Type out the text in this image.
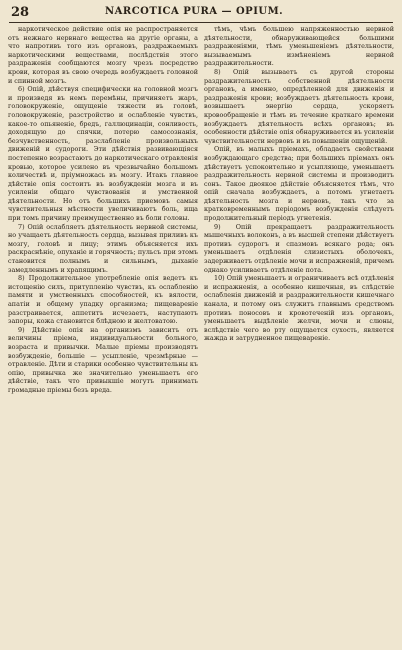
28	NARCOTICA PURA — OPIUM.

наркотическое действие опія не распространяется отъ нежнаго нервнаго вещества на другіе органы, а что напротивъ того изъ органовъ, раздражаемыхъ наркотическими веществами, послѣдствія этого раздраженія сообщаются мозгу чрезъ посредство крови, которая въ свою очередь возбуждаетъ головной и спинной мозгъ.

6) Опій, дѣйствуя специфически на головной мозгъ и произведя въ немъ перемѣны, причиняетъ жаръ, головокруженіе, ощущеніе тяжести въ головѣ, головокруженіе, разстройство и ослабленіе чувствъ, какое-то опьяненіе, бредъ, галлюцинаціи, сонливость, доходящую до спячки, потерю самосознанія, безчувственность, разслабленіе произвольныхъ движеній и судороги. Эти дѣйствія развивающіяся постепенно возрастаютъ до наркотическаго отравленія кровью, которое усилено въ чрезвычайно большомъ количествѣ и, пріумножась въ мозгу. Итакъ главное дѣйствіе опія состоитъ въ возбужденіи мозга и въ усиленіи общаго чувствованія и умственной дѣятельности. Но отъ большихъ приемовъ самыя чувствительныя мѣстности увеличиваютъ боль, ища при томъ причину преимущественно въ боли головы.

7) Опій ослабляетъ дѣятельность нервной системы, но учащаетъ дѣятельность сердца, вызывая приливъ къ мозгу, головѣ и лицу; этимъ объясняется ихъ раскраснѣніе, опуханіе и горячность; пульсъ при этомъ становится полнымъ и сильнымъ, дыханіе замедленнымъ и храпящимъ.

8) Продолжительное употребленіе опія ведетъ къ истощенію силъ, притупленію чувствъ, къ ослабленію памяти и умственныхъ способностей, къ вялости, апатіи и общему упадку организма; пищевареніе разстраивается, аппетитъ исчезаетъ, наступаютъ запоры, кожа становится блѣдною и желтоватою.

9) Дѣйствіе опія на организмъ зависитъ отъ величины пріема, индивидуальности больного, возраста и привычки. Малые пріемы производятъ возбужденіе, большіе — усыпленіе, чрезмѣрные — отравленіе. Дѣти и старики особенно чувствительны къ опію, привычка же значительно уменьшаетъ его дѣйствіе, такъ что привыкшіе могутъ принимать громадные пріемы безъ вреда.

тѣмъ, чѣмъ большею напряженностью нервной дѣятельности, обнаруживающейся большими раздраженіями, тѣмъ уменьшеніемъ дѣятельности, вызываемымъ измѣненіемъ нервной раздражительности.

8) Опій вызываетъ съ другой стороны раздражительность собственной дѣятельности органовъ, а именно, опредѣленной для движенія и раздраженія крови; возбуждаетъ дѣятельность крови, возвышаетъ энергію сердца, ускоряетъ кровообращеніе и тѣмъ въ течение краткаго времени возбуждаетъ дѣятельность всѣхъ органовъ; въ особенности дѣйствіе опія обнаруживается въ усиленіи чувствительности нервовъ и въ повышеніи ощущеній.

Опій, въ малыхъ пріемахъ, обладаетъ свойствами возбуждающаго средства; при большихъ пріемахъ онъ дѣйствуетъ успокоительно и усыпляюще, уменьшаетъ раздражительность нервной системы и производитъ сонъ. Такое двоякое дѣйствіе объясняется тѣмъ, что опій сначала возбуждаетъ, а потомъ угнетаетъ дѣятельность мозга и нервовъ, такъ что за кратковременнымъ періодомъ возбужденія слѣдуетъ продолжительный періодъ угнетенія.

9) Опій прекращаетъ раздражительность мышечныхъ волоконъ, а въ высшей степени дѣйствуетъ противъ судорогъ и спазмовъ всякаго рода; онъ уменьшаетъ отдѣленія слизистыхъ оболочекъ, задерживаетъ отдѣленіе мочи и испражненій, причемъ однако усиливаетъ отдѣленіе пота.

10) Опій уменьшаетъ и ограничиваетъ всѣ отдѣленія и испражненія, а особенно кишечныя, въ слѣдствіе ослабленія движеній и раздражительности кишечнаго канала, и потому онъ служитъ главнымъ средствомъ противъ поносовъ и кровотеченій изъ органовъ, уменьшаетъ выдѣленіе желчи, мочи и слюны, вслѣдствіе чего во рту ощущается сухость, является жажда и затрудненное пищевареніе.
